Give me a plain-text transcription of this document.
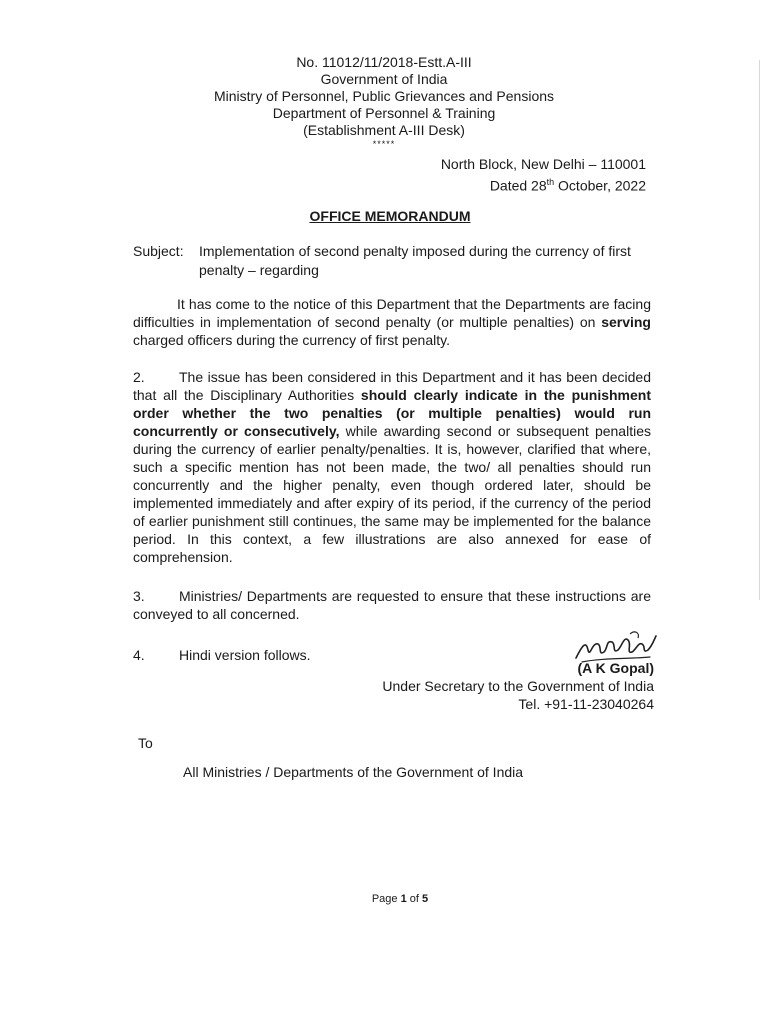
No. 11012/11/2018-Estt.A-III
Government of India
Ministry of Personnel, Public Grievances and Pensions
Department of Personnel & Training
(Establishment A-III Desk)
*****
North Block, New Delhi – 110001
Dated 28th October, 2022
OFFICE MEMORANDUM
Subject:	Implementation of second penalty imposed during the currency of first penalty – regarding
It has come to the notice of this Department that the Departments are facing difficulties in implementation of second penalty (or multiple penalties) on serving charged officers during the currency of first penalty.
2. The issue has been considered in this Department and it has been decided that all the Disciplinary Authorities should clearly indicate in the punishment order whether the two penalties (or multiple penalties) would run concurrently or consecutively, while awarding second or subsequent penalties during the currency of earlier penalty/penalties. It is, however, clarified that where, such a specific mention has not been made, the two/ all penalties should run concurrently and the higher penalty, even though ordered later, should be implemented immediately and after expiry of its period, if the currency of the period of earlier punishment still continues, the same may be implemented for the balance period. In this context, a few illustrations are also annexed for ease of comprehension.
3. Ministries/ Departments are requested to ensure that these instructions are conveyed to all concerned.
4. Hindi version follows.
(A K Gopal)
Under Secretary to the Government of India
Tel. +91-11-23040264
To
All Ministries / Departments of the Government of India
Page 1 of 5
